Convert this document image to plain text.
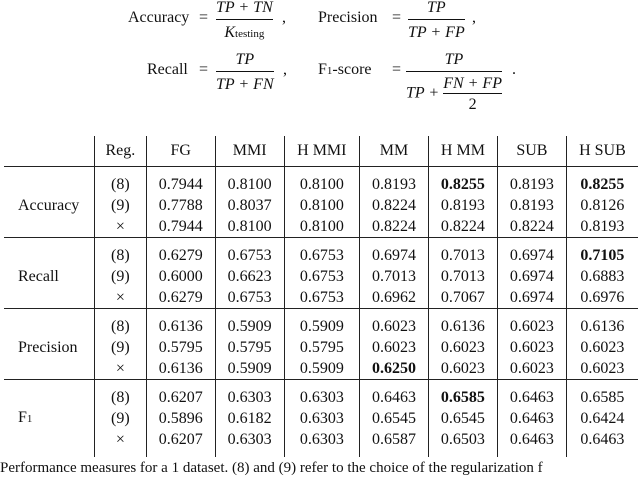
Accuracy =
TP + TN
Ktesting
, Precision =
TP
TP + FP
,
Recall =
TP
TP + FN
, F1-score =
TP
TP + $\frac{FN + FP}{2}$
.
	Reg.	FG	MMI	H MMI	MM	H MM	SUB	H SUB

Accuracy	(8)	0.7944	0.8100	0.8100	0.8193	0.8255	0.8193	0.8255
	(9)	0.7788	0.8037	0.8100	0.8224	0.8193	0.8193	0.8126
	×	0.7944	0.8100	0.8100	0.8224	0.8224	0.8224	0.8193

Recall	(8)	0.6279	0.6753	0.6753	0.6974	0.7013	0.6974	0.7105
	(9)	0.6000	0.6623	0.6753	0.7013	0.7013	0.6974	0.6883
	×	0.6279	0.6753	0.6753	0.6962	0.7067	0.6974	0.6976

Precision	(8)	0.6136	0.5909	0.5909	0.6023	0.6136	0.6023	0.6136
	(9)	0.5795	0.5795	0.5795	0.6023	0.6023	0.6023	0.6023
	×	0.6136	0.5909	0.5909	0.6250	0.6023	0.6023	0.6023

F1	(8)	0.6207	0.6303	0.6303	0.6463	0.6585	0.6463	0.6585
	(9)	0.5896	0.6182	0.6303	0.6545	0.6545	0.6463	0.6424
	×	0.6207	0.6303	0.6303	0.6587	0.6503	0.6463	0.6463

Performance measures for a 1 dataset. (8) and (9) refer to the choice of the regularization f
